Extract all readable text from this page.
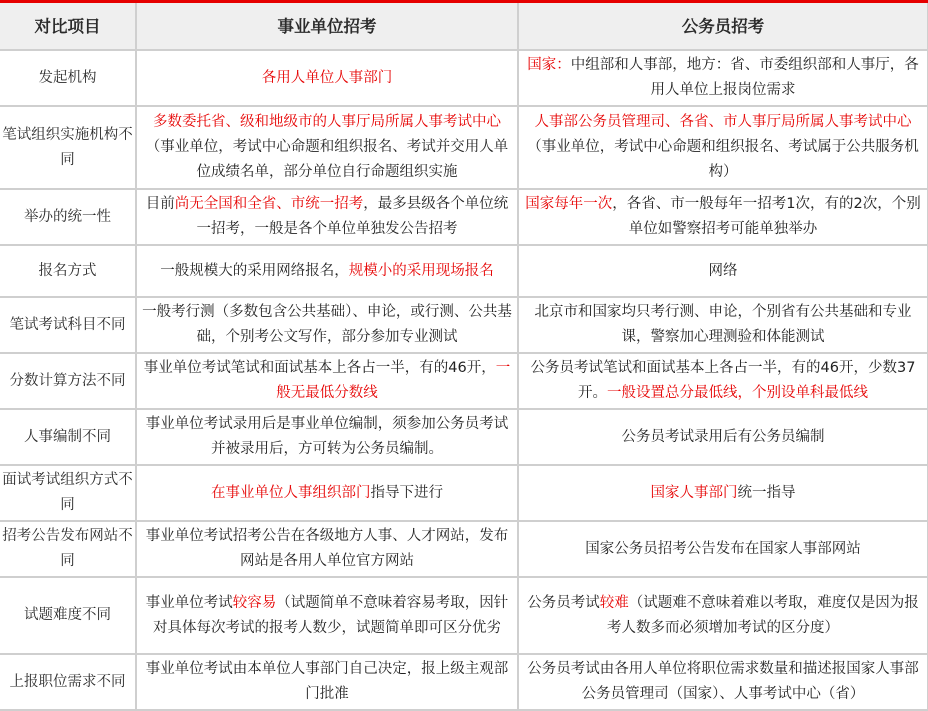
对比项目	事业单位招考	公务员招考
发起机构	各用人单位人事部门	国家：中组部和人事部，地方：省、市委组织部和人事厅，各用人单位上报岗位需求
笔试组织实施机构不同	多数委托省、级和地级市的人事厅局所属人事考试中心（事业单位，考试中心命题和组织报名、考试并交用人单位成绩名单，部分单位自行命题组织实施	人事部公务员管理司、各省、市人事厅局所属人事考试中心（事业单位，考试中心命题和组织报名、考试属于公共服务机构）
举办的统一性	目前尚无全国和全省、市统一招考，最多县级各个单位统一招考，一般是各个单位单独发公告招考	国家每年一次，各省、市一般每年一招考1次，有的2次，个别单位如警察招考可能单独举办
报名方式	一般规模大的采用网络报名，规模小的采用现场报名	网络
笔试考试科目不同	一般考行测（多数包含公共基础）、申论，或行测、公共基础，个别考公文写作，部分参加专业测试	北京市和国家均只考行测、申论，个别省有公共基础和专业课，警察加心理测验和体能测试
分数计算方法不同	事业单位考试笔试和面试基本上各占一半，有的46开，一般无最低分数线	公务员考试笔试和面试基本上各占一半，有的46开，少数37开。一般设置总分最低线，个别设单科最低线
人事编制不同	事业单位考试录用后是事业单位编制，须参加公务员考试并被录用后，方可转为公务员编制。	公务员考试录用后有公务员编制
面试考试组织方式不同	在事业单位人事组织部门指导下进行	国家人事部门统一指导
招考公告发布网站不同	事业单位考试招考公告在各级地方人事、人才网站，发布网站是各用人单位官方网站	国家公务员招考公告发布在国家人事部网站
试题难度不同	事业单位考试较容易（试题简单不意味着容易考取，因针对具体每次考试的报考人数少，试题简单即可区分优劣	公务员考试较难（试题难不意味着难以考取，难度仅是因为报考人数多而必须增加考试的区分度）
上报职位需求不同	事业单位考试由本单位人事部门自己决定，报上级主观部门批准	公务员考试由各用人单位将职位需求数量和描述报国家人事部公务员管理司（国家）、人事考试中心（省）
